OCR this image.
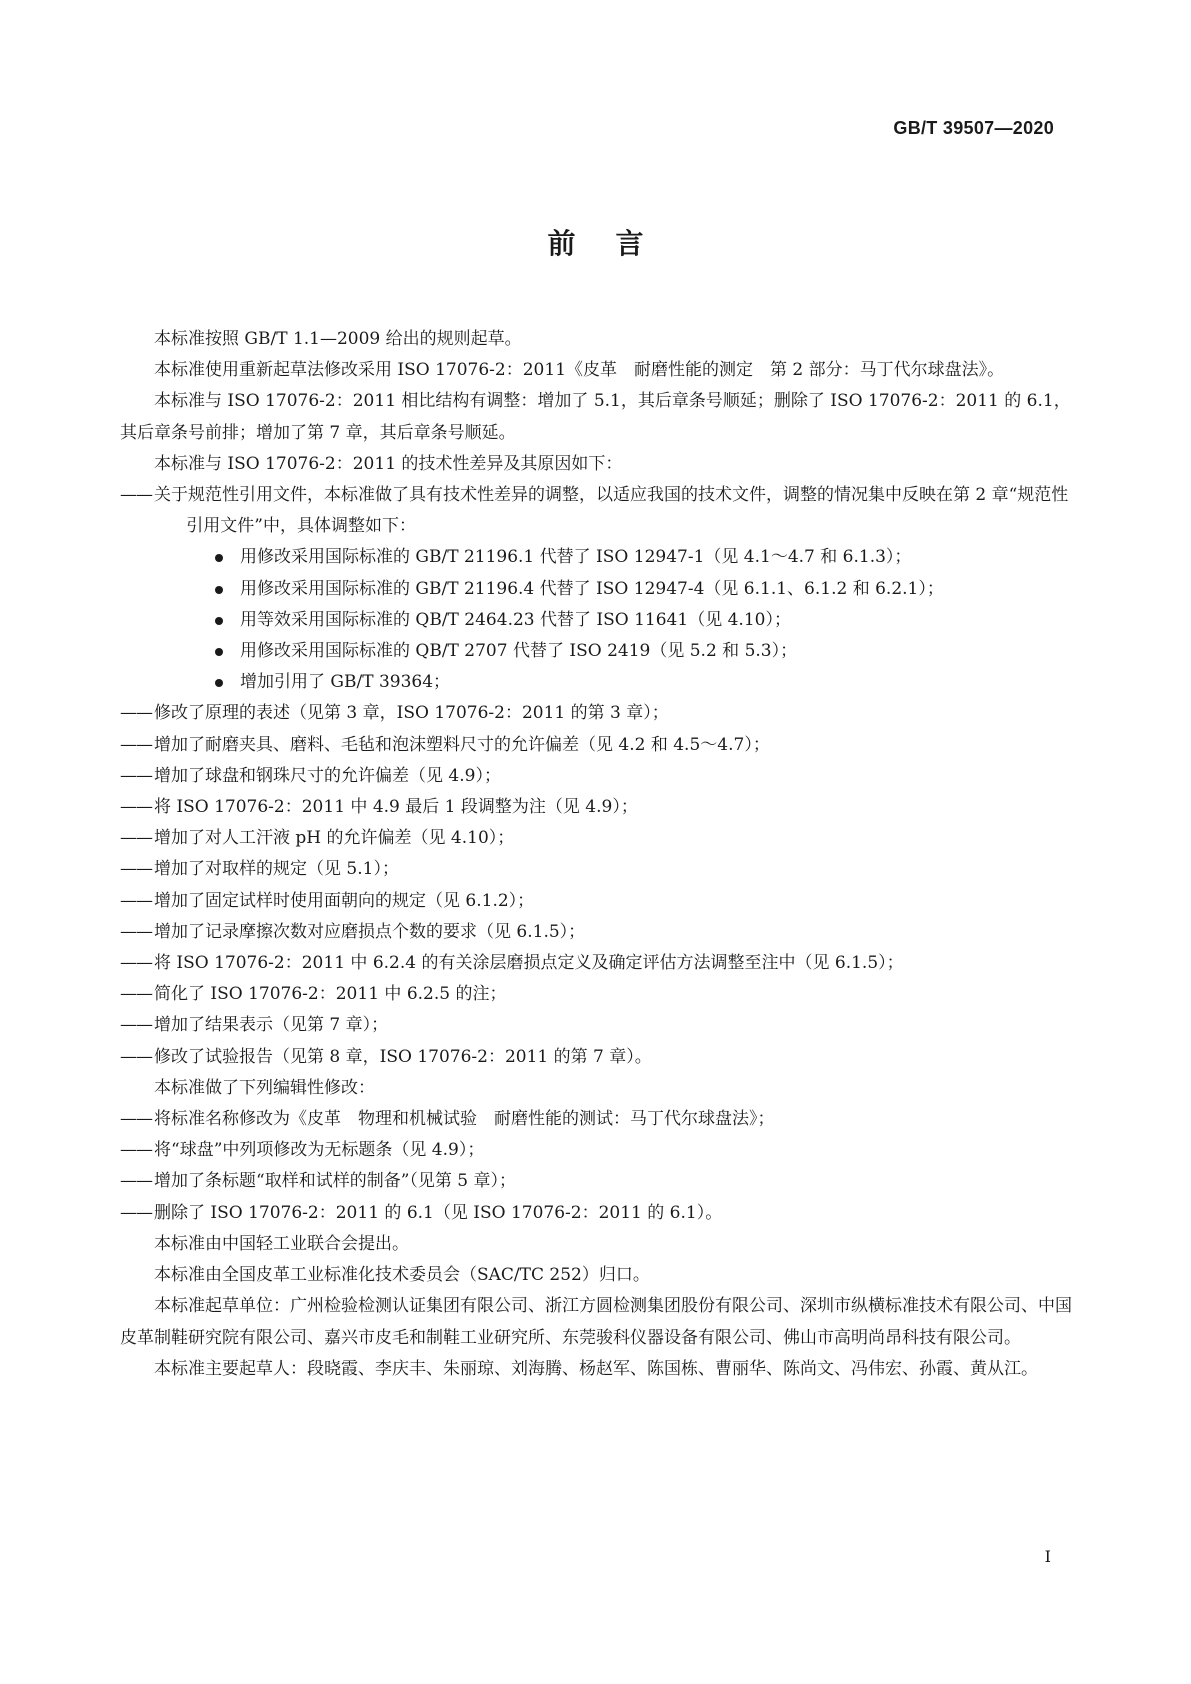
GB/T 39507—2020
前言

本标准按照 GB/T 1.1—2009 给出的规则起草。

本标准使用重新起草法修改采用 ISO 17076-2：2011《皮革　耐磨性能的测定　第 2 部分：马丁代尔球盘法》。

本标准与 ISO 17076-2：2011 相比结构有调整：增加了 5.1，其后章条号顺延；删除了 ISO 17076-2：2011 的 6.1，其后章条号前排；增加了第 7 章，其后章条号顺延。

本标准与 ISO 17076-2：2011 的技术性差异及其原因如下：

——关于规范性引用文件，本标准做了具有技术性差异的调整，以适应我国的技术文件，调整的情况集中反映在第 2 章“规范性引用文件”中，具体调整如下：

用修改采用国际标准的 GB/T 21196.1 代替了 ISO 12947-1（见 4.1～4.7 和 6.1.3）；

用修改采用国际标准的 GB/T 21196.4 代替了 ISO 12947-4（见 6.1.1、6.1.2 和 6.2.1）；

用等效采用国际标准的 QB/T 2464.23 代替了 ISO 11641（见 4.10）；

用修改采用国际标准的 QB/T 2707 代替了 ISO 2419（见 5.2 和 5.3）；

增加引用了 GB/T 39364；

——修改了原理的表述（见第 3 章，ISO 17076-2：2011 的第 3 章）；

——增加了耐磨夹具、磨料、毛毡和泡沫塑料尺寸的允许偏差（见 4.2 和 4.5～4.7）；

——增加了球盘和钢珠尺寸的允许偏差（见 4.9）；

——将 ISO 17076-2：2011 中 4.9 最后 1 段调整为注（见 4.9）；

——增加了对人工汗液 pH 的允许偏差（见 4.10）；

——增加了对取样的规定（见 5.1）；

——增加了固定试样时使用面朝向的规定（见 6.1.2）；

——增加了记录摩擦次数对应磨损点个数的要求（见 6.1.5）；

——将 ISO 17076-2：2011 中 6.2.4 的有关涂层磨损点定义及确定评估方法调整至注中（见 6.1.5）；

——简化了 ISO 17076-2：2011 中 6.2.5 的注；

——增加了结果表示（见第 7 章）；

——修改了试验报告（见第 8 章，ISO 17076-2：2011 的第 7 章）。

本标准做了下列编辑性修改：

——将标准名称修改为《皮革　物理和机械试验　耐磨性能的测试：马丁代尔球盘法》；

——将“球盘”中列项修改为无标题条（见 4.9）；

——增加了条标题“取样和试样的制备”（见第 5 章）；

——删除了 ISO 17076-2：2011 的 6.1（见 ISO 17076-2：2011 的 6.1）。

本标准由中国轻工业联合会提出。

本标准由全国皮革工业标准化技术委员会（SAC/TC 252）归口。

本标准起草单位：广州检验检测认证集团有限公司、浙江方圆检测集团股份有限公司、深圳市纵横标准技术有限公司、中国皮革制鞋研究院有限公司、嘉兴市皮毛和制鞋工业研究所、东莞骏科仪器设备有限公司、佛山市高明尚昂科技有限公司。

本标准主要起草人：段晓霞、李庆丰、朱丽琼、刘海腾、杨赵军、陈国栋、曹丽华、陈尚文、冯伟宏、孙霞、黄从江。

I
